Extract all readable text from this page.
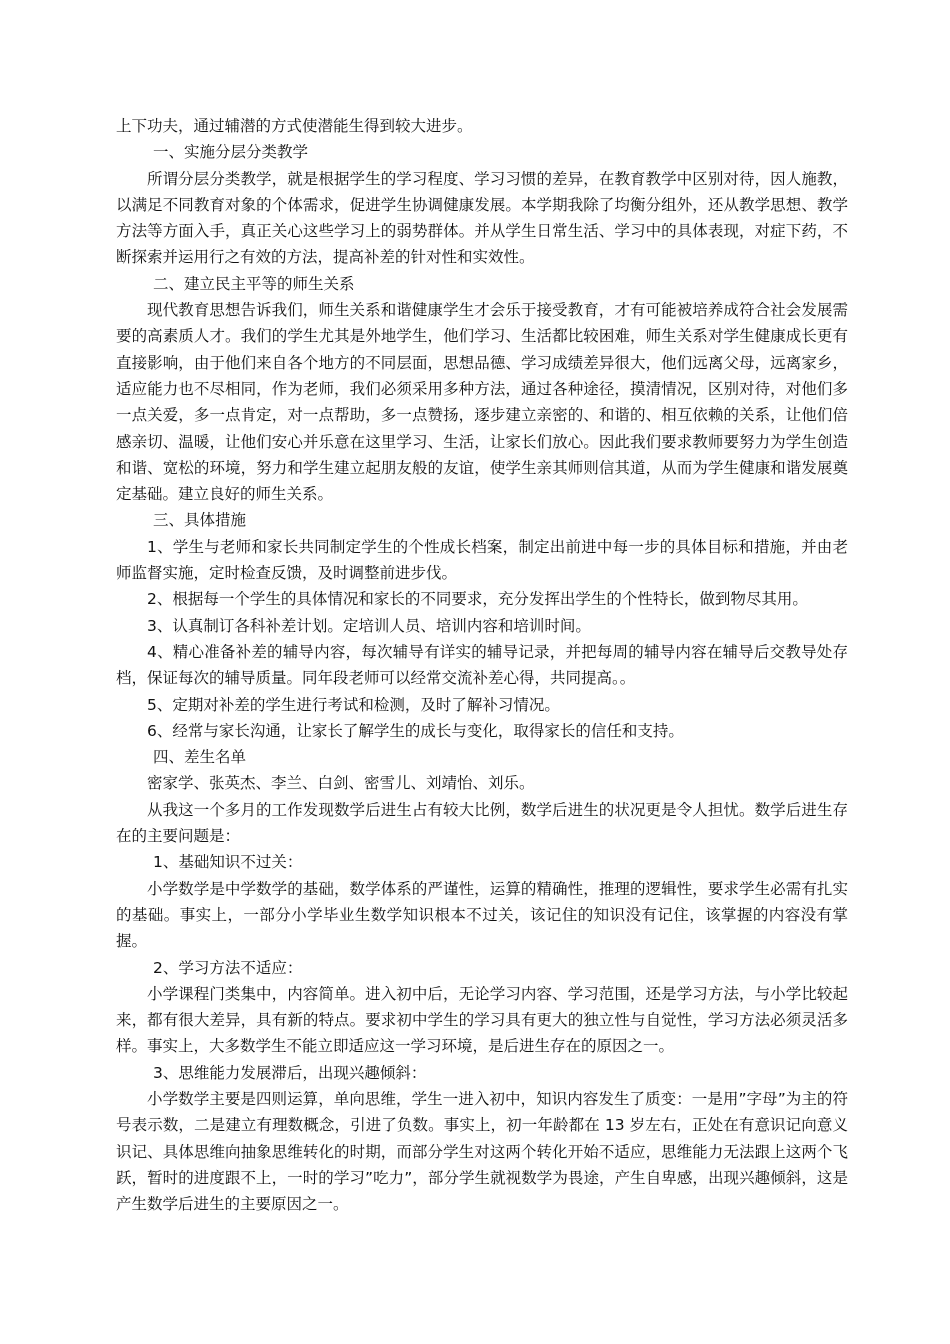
上下功夫，通过辅潜的方式使潜能生得到较大进步。

一、实施分层分类教学

所谓分层分类教学，就是根据学生的学习程度、学习习惯的差异，在教育教学中区别对待，因人施教，以满足不同教育对象的个体需求，促进学生协调健康发展。本学期我除了均衡分组外，还从教学思想、教学方法等方面入手，真正关心这些学习上的弱势群体。并从学生日常生活、学习中的具体表现，对症下药，不断探索并运用行之有效的方法，提高补差的针对性和实效性。

二、建立民主平等的师生关系

现代教育思想告诉我们，师生关系和谐健康学生才会乐于接受教育，才有可能被培养成符合社会发展需要的高素质人才。我们的学生尤其是外地学生，他们学习、生活都比较困难，师生关系对学生健康成长更有直接影响，由于他们来自各个地方的不同层面，思想品德、学习成绩差异很大，他们远离父母，远离家乡，适应能力也不尽相同，作为老师，我们必须采用多种方法，通过各种途径，摸清情况，区别对待，对他们多一点关爱，多一点肯定，对一点帮助，多一点赞扬，逐步建立亲密的、和谐的、相互依赖的关系，让他们倍感亲切、温暖，让他们安心并乐意在这里学习、生活，让家长们放心。因此我们要求教师要努力为学生创造和谐、宽松的环境，努力和学生建立起朋友般的友谊，使学生亲其师则信其道，从而为学生健康和谐发展奠定基础。建立良好的师生关系。

三、具体措施

1、学生与老师和家长共同制定学生的个性成长档案，制定出前进中每一步的具体目标和措施，并由老师监督实施，定时检查反馈，及时调整前进步伐。

2、根据每一个学生的具体情况和家长的不同要求，充分发挥出学生的个性特长，做到物尽其用。

3、认真制订各科补差计划。定培训人员、培训内容和培训时间。

4、精心准备补差的辅导内容，每次辅导有详实的辅导记录，并把每周的辅导内容在辅导后交教导处存档，保证每次的辅导质量。同年段老师可以经常交流补差心得，共同提高。。

5、定期对补差的学生进行考试和检测，及时了解补习情况。

6、经常与家长沟通，让家长了解学生的成长与变化，取得家长的信任和支持。

四、差生名单

密家学、张英杰、李兰、白剑、密雪儿、刘靖怡、刘乐。

从我这一个多月的工作发现数学后进生占有较大比例，数学后进生的状况更是令人担忧。数学后进生存在的主要问题是：

1、基础知识不过关：

小学数学是中学数学的基础，数学体系的严谨性，运算的精确性，推理的逻辑性，要求学生必需有扎实的基础。事实上，一部分小学毕业生数学知识根本不过关，该记住的知识没有记住，该掌握的内容没有掌握。

2、学习方法不适应：

小学课程门类集中，内容简单。进入初中后，无论学习内容、学习范围，还是学习方法，与小学比较起来，都有很大差异，具有新的特点。要求初中学生的学习具有更大的独立性与自觉性，学习方法必须灵活多样。事实上，大多数学生不能立即适应这一学习环境，是后进生存在的原因之一。

3、思维能力发展滞后，出现兴趣倾斜：

小学数学主要是四则运算，单向思维，学生一进入初中，知识内容发生了质变：一是用”字母”为主的符号表示数，二是建立有理数概念，引进了负数。事实上，初一年龄都在 13 岁左右，正处在有意识记向意义识记、具体思维向抽象思维转化的时期，而部分学生对这两个转化开始不适应，思维能力无法跟上这两个飞跃，暂时的进度跟不上，一时的学习”吃力”，部分学生就视数学为畏途，产生自卑感，出现兴趣倾斜，这是产生数学后进生的主要原因之一。
